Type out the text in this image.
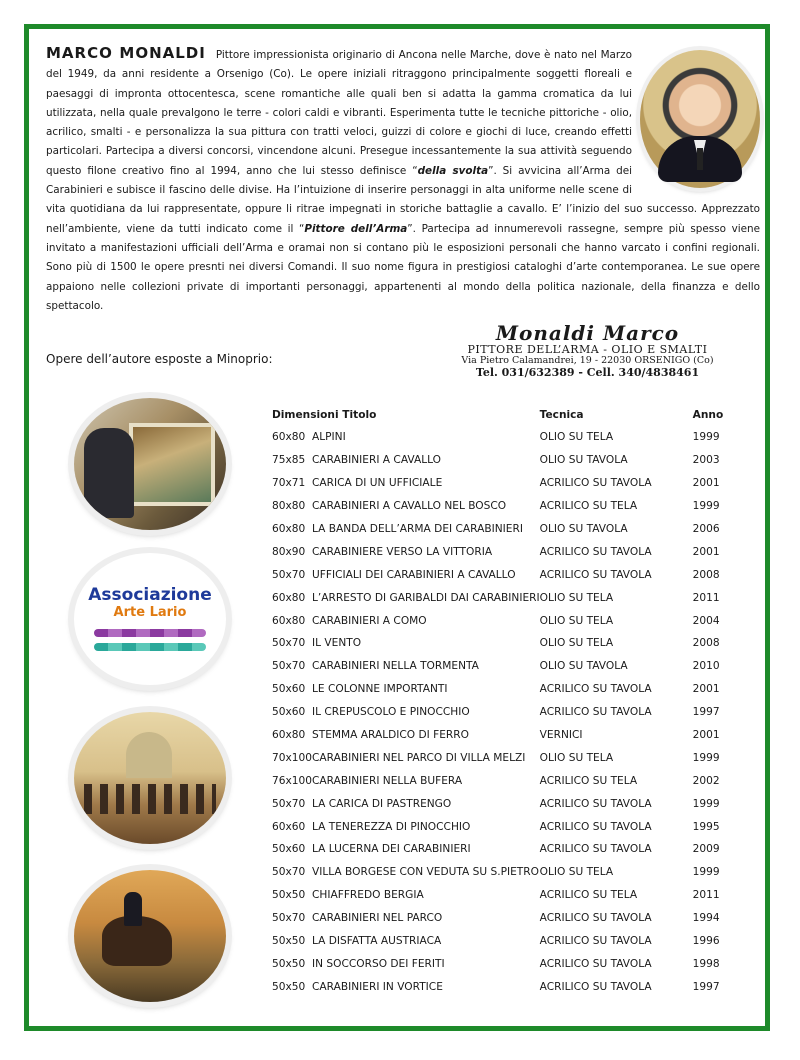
MARCO MONALDI Pittore impressionista originario di Ancona nelle Marche, dove è nato nel Marzo del 1949, da anni residente a Orsenigo (Co). Le opere iniziali ritraggono principalmente soggetti floreali e paesaggi di impronta ottocentesca, scene romantiche alle quali ben si adatta la gamma cromatica da lui utilizzata, nella quale prevalgono le terre - colori caldi e vibranti. Esperimenta tutte le tecniche pittoriche - olio, acrilico, smalti - e personalizza la sua pittura con tratti veloci, guizzi di colore e giochi di luce, creando effetti particolari. Partecipa a diversi concorsi, vincendone alcuni. Presegue incessantemente la sua attività seguendo questo filone creativo fino al 1994, anno che lui stesso definisce “della svolta”. Si avvicina all’Arma dei Carabinieri e subisce il fascino delle divise. Ha l’intuizione di inserire personaggi in alta uniforme nelle scene di vita quotidiana da lui rappresentate, oppure li ritrae impegnati in storiche battaglie a cavallo. E’ l’inizio del suo successo. Apprezzato nell’ambiente, viene da tutti indicato come il “Pittore dell’Arma”. Partecipa ad innumerevoli rassegne, sempre più spesso viene invitato a manifestazioni ufficiali dell’Arma e oramai non si contano più le esposizioni personali che hanno varcato i confini regionali. Sono più di 1500 le opere presnti nei diversi Comandi. Il suo nome figura in prestigiosi cataloghi d’arte contemporanea. Le sue opere appaiono nelle collezioni private di importanti personaggi, appartenenti al mondo della politica nazionale, della finanzza e dello spettacolo.
Opere dell’autore esposte a Minoprio:
Monaldi Marco
PITTORE DELL’ARMA - OLIO E SMALTI
Via Pietro Calamandrei, 19 - 22030 ORSENIGO (Co)
Tel. 031/632389 - Cell. 340/4838461
Associazione
Arte Lario
Dimensioni Titolo		Tecnica	Anno
60x80	ALPINI	OLIO SU TELA	1999
75x85	CARABINIERI A CAVALLO	OLIO SU TAVOLA	2003
70x71	CARICA DI UN UFFICIALE	ACRILICO SU TAVOLA	2001
80x80	CARABINIERI A CAVALLO NEL BOSCO	ACRILICO SU TELA	1999
60x80	LA BANDA DELL’ARMA DEI CARABINIERI	OLIO SU TAVOLA	2006
80x90	CARABINIERE VERSO LA VITTORIA	ACRILICO SU TAVOLA	2001
50x70	UFFICIALI DEI CARABINIERI A CAVALLO	ACRILICO SU TAVOLA	2008
60x80	L’ARRESTO DI GARIBALDI DAI CARABINIERI	OLIO SU TELA	2011
60x80	CARABINIERI A COMO	OLIO SU TELA	2004
50x70	IL VENTO	OLIO SU TELA	2008
50x70	CARABINIERI NELLA TORMENTA	OLIO SU TAVOLA	2010
50x60	LE COLONNE IMPORTANTI	ACRILICO SU TAVOLA	2001
50x60	IL CREPUSCOLO E PINOCCHIO	ACRILICO SU TAVOLA	1997
60x80	STEMMA ARALDICO DI FERRO	VERNICI	2001
70x100	CARABINIERI NEL PARCO DI VILLA MELZI	OLIO SU TELA	1999
76x100	CARABINIERI NELLA BUFERA	ACRILICO SU TELA	2002
50x70	LA CARICA DI PASTRENGO	ACRILICO SU TAVOLA	1999
60x60	LA TENEREZZA DI PINOCCHIO	ACRILICO SU TAVOLA	1995
50x60	LA LUCERNA DEI CARABINIERI	ACRILICO SU TAVOLA	2009
50x70	VILLA BORGESE CON VEDUTA SU S.PIETRO	OLIO SU TELA	1999
50x50	CHIAFFREDO BERGIA	ACRILICO SU TELA	2011
50x70	CARABINIERI NEL PARCO	ACRILICO SU TAVOLA	1994
50x50	LA DISFATTA AUSTRIACA	ACRILICO SU TAVOLA	1996
50x50	IN SOCCORSO DEI FERITI	ACRILICO SU TAVOLA	1998
50x50	CARABINIERI IN VORTICE	ACRILICO SU TAVOLA	1997
